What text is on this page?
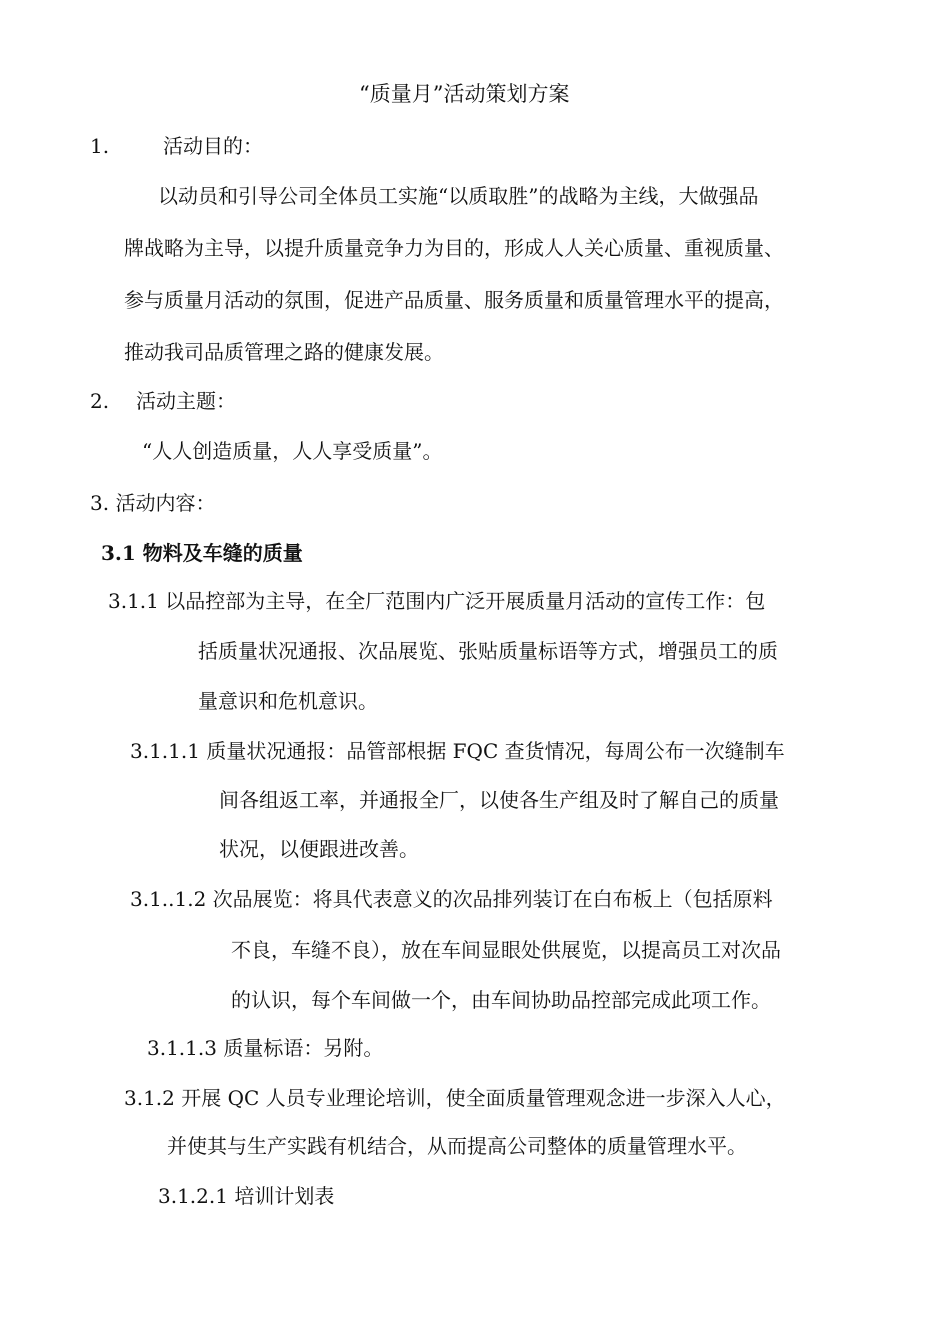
“质量月”活动策划方案
1.	活动目的：
以动员和引导公司全体员工实施“以质取胜”的战略为主线，大做强品
牌战略为主导，以提升质量竞争力为目的，形成人人关心质量、重视质量、
参与质量月活动的氛围，促进产品质量、服务质量和质量管理水平的提高，
推动我司品质管理之路的健康发展。
2. 活动主题：
“人人创造质量，人人享受质量”。
3. 活动内容：
3.1 物料及车缝的质量
3.1.1 以品控部为主导，在全厂范围内广泛开展质量月活动的宣传工作：包
括质量状况通报、次品展览、张贴质量标语等方式，增强员工的质
量意识和危机意识。
3.1.1.1 质量状况通报：品管部根据 FQC 查货情况，每周公布一次缝制车
间各组返工率，并通报全厂，以使各生产组及时了解自己的质量
状况，以便跟进改善。
3.1..1.2 次品展览：将具代表意义的次品排列装订在白布板上（包括原料
不良，车缝不良），放在车间显眼处供展览，以提高员工对次品
的认识，每个车间做一个，由车间协助品控部完成此项工作。
3.1.1.3 质量标语：另附。
3.1.2 开展 QC 人员专业理论培训，使全面质量管理观念进一步深入人心，
并使其与生产实践有机结合，从而提高公司整体的质量管理水平。
3.1.2.1 培训计划表
